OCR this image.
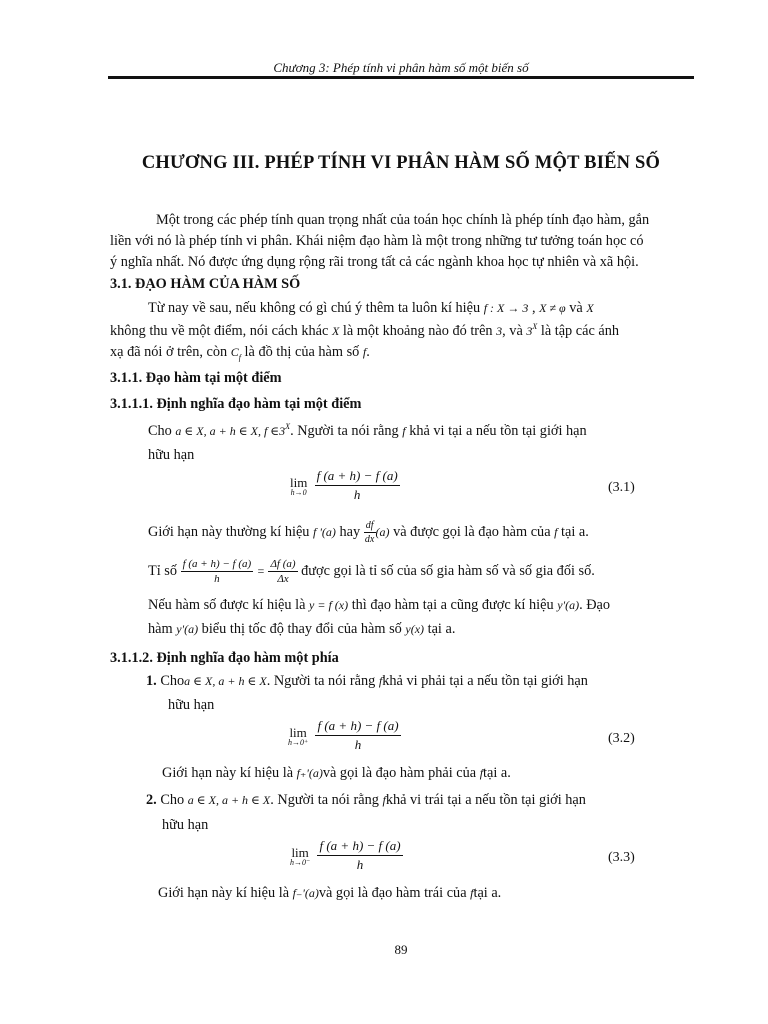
Chương 3: Phép tính vi phân hàm số một biến số
CHƯƠNG III. PHÉP TÍNH VI PHÂN HÀM SỐ MỘT BIẾN SỐ
Một trong các phép tính quan trọng nhất của toán học chính là phép tính đạo hàm, gắn
liền với nó là phép tính vi phân. Khái niệm đạo hàm là một trong những tư tưởng toán học có
ý nghĩa nhất. Nó được ứng dụng rộng rãi trong tất cả các ngành khoa học tự nhiên và xã hội.
3.1. ĐẠO HÀM CỦA HÀM SỐ
Từ nay về sau, nếu không có gì chú ý thêm ta luôn kí hiệu f : X → 3 , X ≠ φ và X
không thu về một điểm, nói cách khác X là một khoảng nào đó trên 3, và $3^X$ là tập các ánh
xạ đã nói ở trên, còn $C_f$ là đồ thị của hàm số f.
3.1.1. Đạo hàm tại một điểm
3.1.1.1. Định nghĩa đạo hàm tại một điểm
Cho a ∈ X, a + h ∈ X, f $\in 3^X$. Người ta nói rằng f khả vi tại a nếu tồn tại giới hạn
hữu hạn
lim
h→0
$\frac{f (a + h) - f (a)}{h}$	(3.1)
Giới hạn này thường kí hiệu f '(a) hay $\frac{df}{dx} (a)$ và được gọi là đạo hàm của f tại a.
Tỉ số $\frac{f (a + h) - f (a)}{h} = \frac{\Delta f (a)}{\Delta x}$ được gọi là tỉ số của số gia hàm số và số gia đối số.
Nếu hàm số được kí hiệu là y = f (x) thì đạo hàm tại a cũng được kí hiệu y'(a). Đạo
hàm y'(a) biểu thị tốc độ thay đổi của hàm số y(x) tại a.
3.1.1.2. Định nghĩa đạo hàm một phía
1. Choa ∈ X, a + h ∈ X. Người ta nói rằng fkhả vi phải tại a nếu tồn tại giới hạn
hữu hạn
lim
h→0⁺
$\frac{f (a + h) - f (a)}{h}$	(3.2)
Giới hạn này kí hiệu là f₊'(a)và gọi là đạo hàm phải của ftại a.
2. Cho a ∈ X, a + h ∈ X. Người ta nói rằng fkhả vi trái tại a nếu tồn tại giới hạn
hữu hạn
lim
h→0⁻
$\frac{f (a + h) - f (a)}{h}$	(3.3)
Giới hạn này kí hiệu là f₋'(a)và gọi là đạo hàm trái của ftại a.
89
